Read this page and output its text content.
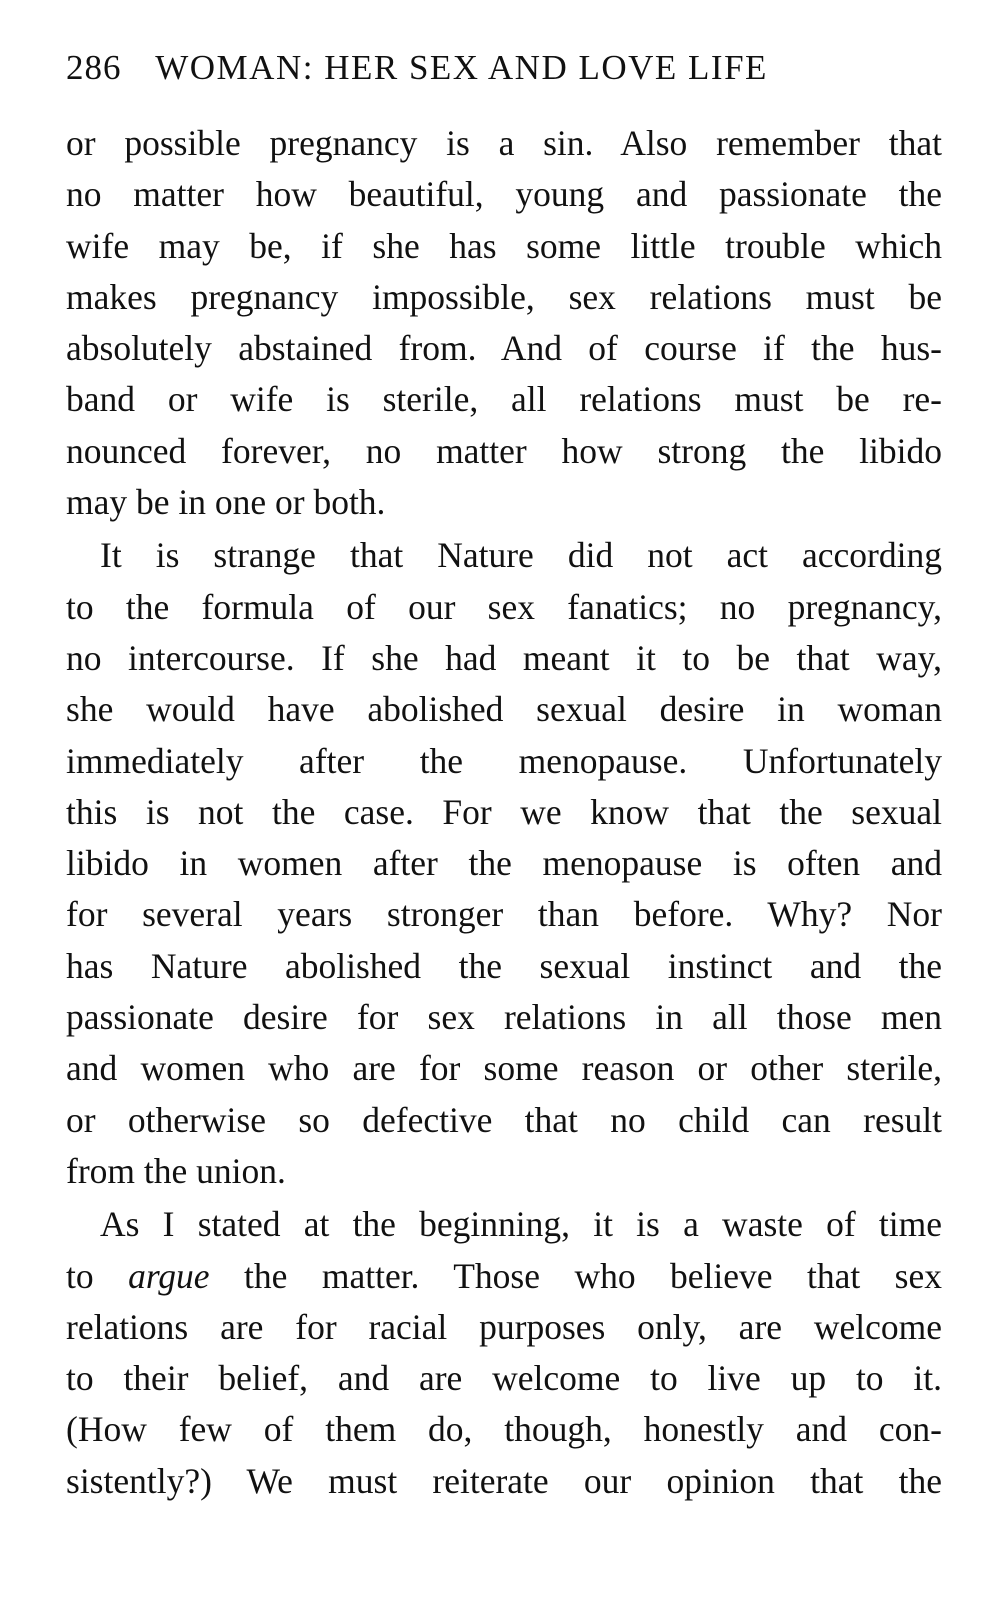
286 WOMAN: HER SEX AND LOVE LIFE
or possible pregnancy is a sin. Also remember that
no matter how beautiful, young and passionate the
wife may be, if she has some little trouble which
makes pregnancy impossible, sex relations must be
absolutely abstained from. And of course if the hus-
band or wife is sterile, all relations must be re-
nounced forever, no matter how strong the libido
may be in one or both.
It is strange that Nature did not act according
to the formula of our sex fanatics; no pregnancy,
no intercourse. If she had meant it to be that way,
she would have abolished sexual desire in woman
immediately after the menopause. Unfortunately
this is not the case. For we know that the sexual
libido in women after the menopause is often and
for several years stronger than before. Why? Nor
has Nature abolished the sexual instinct and the
passionate desire for sex relations in all those men
and women who are for some reason or other sterile,
or otherwise so defective that no child can result
from the union.
As I stated at the beginning, it is a waste of time
to argue the matter. Those who believe that sex
relations are for racial purposes only, are welcome
to their belief, and are welcome to live up to it.
(How few of them do, though, honestly and con-
sistently?) We must reiterate our opinion that the
